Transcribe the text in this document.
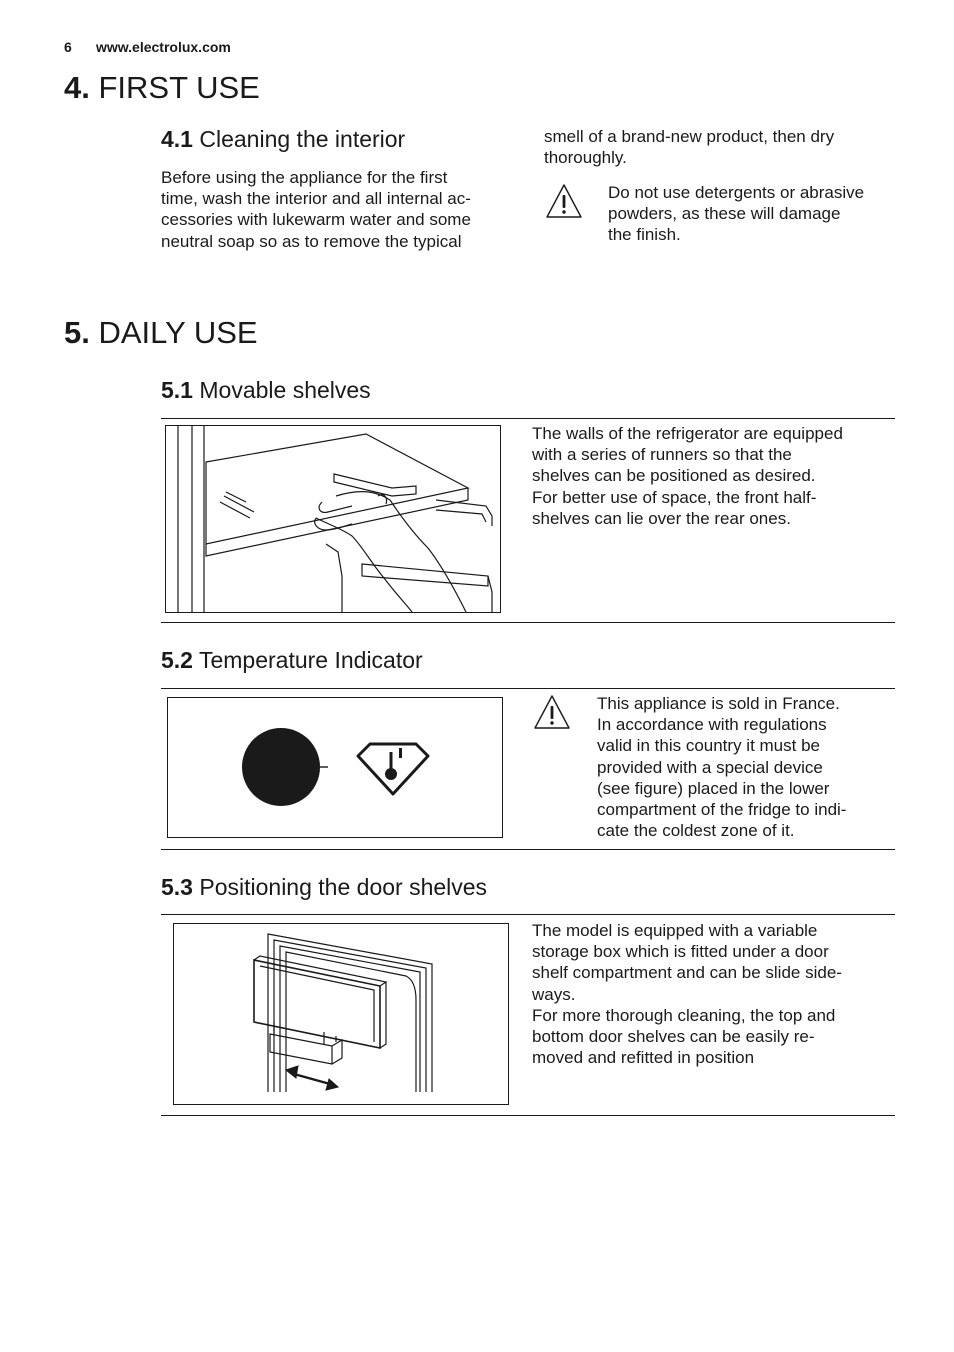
6 www.electrolux.com
4. FIRST USE
4.1 Cleaning the interior

Before using the appliance for the first

time, wash the interior and all internal ac-

cessories with lukewarm water and some

neutral soap so as to remove the typical

smell of a brand-new product, then dry

thoroughly.

Do not use detergents or abrasive

powders, as these will damage

the finish.

5. DAILY USE
5.1 Movable shelves

The walls of the refrigerator are equipped

with a series of runners so that the

shelves can be positioned as desired.

For better use of space, the front half-

shelves can lie over the rear ones.

5.2 Temperature Indicator

This appliance is sold in France.

In accordance with regulations

valid in this country it must be

provided with a special device

(see figure) placed in the lower

compartment of the fridge to indi-

cate the coldest zone of it.

5.3 Positioning the door shelves

The model is equipped with a variable

storage box which is fitted under a door

shelf compartment and can be slide side-

ways.

For more thorough cleaning, the top and

bottom door shelves can be easily re-

moved and refitted in position
